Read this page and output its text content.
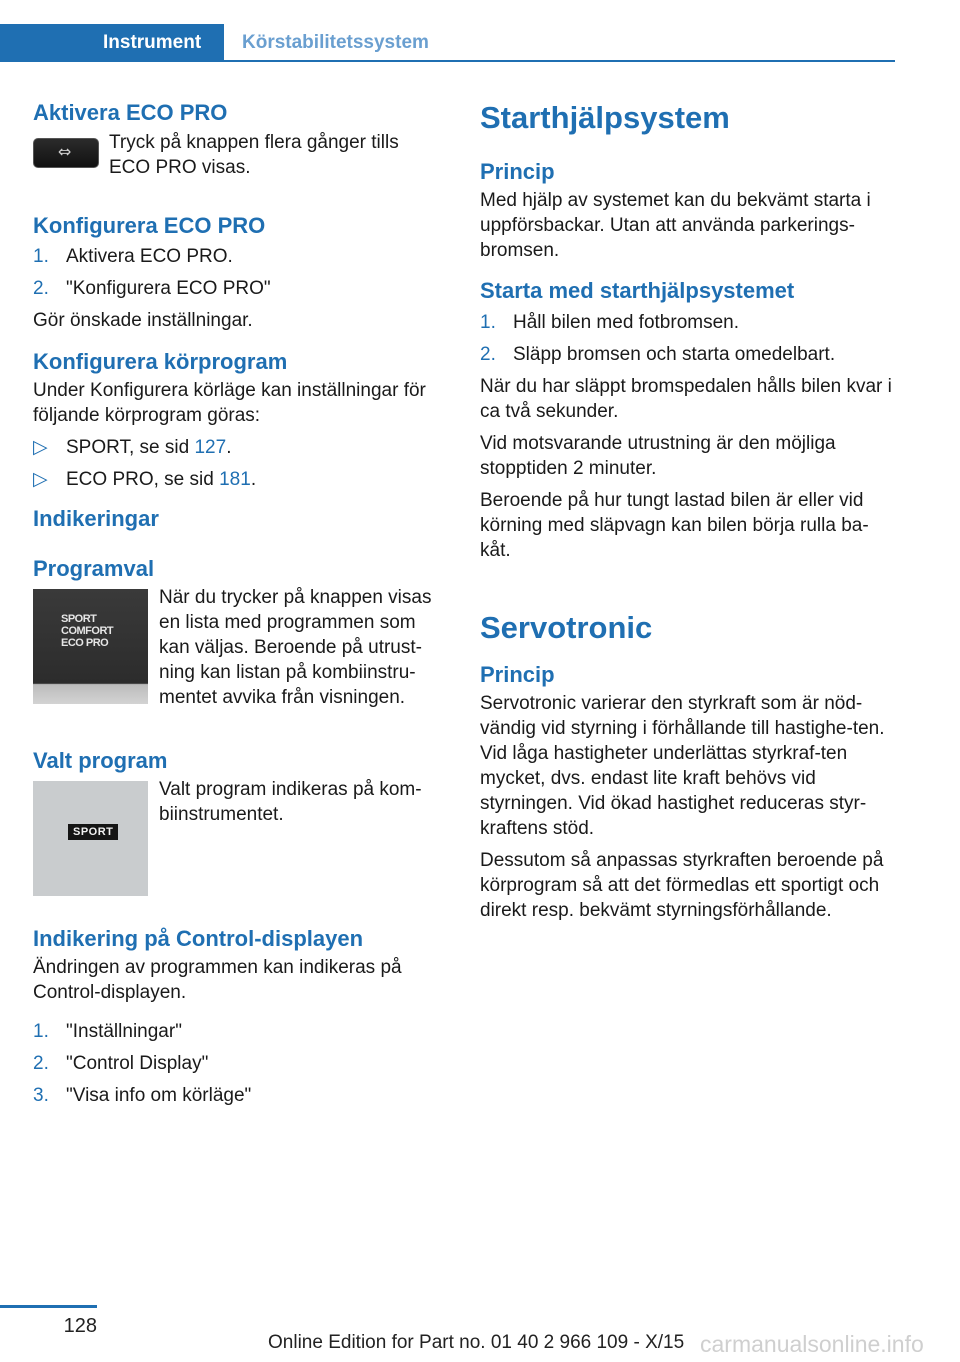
Instrument	Körstabilitetssystem
Aktivera ECO PRO
⇔

Tryck på knappen flera gånger tills ECO PRO visas.

Konfigurera ECO PRO
1. Aktivera ECO PRO.
2. "Konfigurera ECO PRO"

Gör önskade inställningar.

Konfigurera körprogram

Under Konfigurera körläge kan inställningar för följande körprogram göras:

▷ SPORT, se sid 127.
▷ ECO PRO, se sid 181.
Indikeringar
Programval
SPORT
COMFORT
ECO PRO

När du trycker på knappen visas en lista med programmen som kan väljas. Beroende på utrust-ning kan listan på kombiinstru-mentet avvika från visningen.

Valt program
SPORT

Valt program indikeras på kom-biinstrumentet.

Indikering på Control-displayen

Ändringen av programmen kan indikeras på Control-displayen.

1. "Inställningar"
2. "Control Display"
3. "Visa info om körläge"
Starthjälpsystem
Princip

Med hjälp av systemet kan du bekvämt starta i uppförsbackar. Utan att använda parkerings-bromsen.

Starta med starthjälpsystemet
1. Håll bilen med fotbromsen.
2. Släpp bromsen och starta omedelbart.

När du har släppt bromspedalen hålls bilen kvar i ca två sekunder.

Vid motsvarande utrustning är den möjliga stopptiden 2 minuter.

Beroende på hur tungt lastad bilen är eller vid körning med släpvagn kan bilen börja rulla ba-kåt.

Servotronic
Princip

Servotronic varierar den styrkraft som är nöd-vändig vid styrning i förhållande till hastighe-ten. Vid låga hastigheter underlättas styrkraf-ten mycket, dvs. endast lite kraft behövs vid styrningen. Vid ökad hastighet reduceras styr-kraftens stöd.

Dessutom så anpassas styrkraften beroende på körprogram så att det förmedlas ett sportigt och direkt resp. bekvämt styrningsförhållande.

128
Online Edition for Part no. 01 40 2 966 109 - X/15 carmanualsonline.info
